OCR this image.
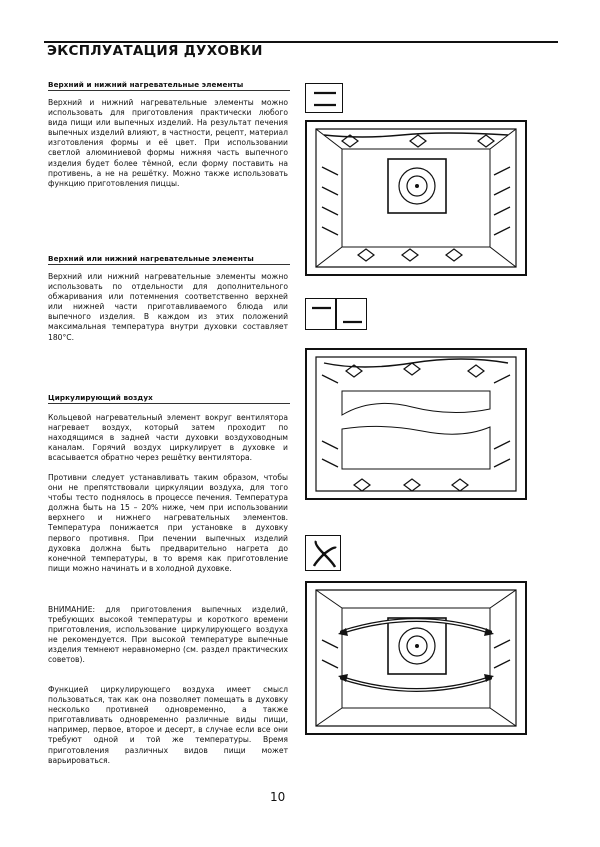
ЭКСПЛУАТАЦИЯ ДУХОВКИ
Верхний и нижний нагревательные элементы

Верхний и нижний нагревательные элементы можно использовать для приготовления практически любого вида пищи или выпечных изделий. На результат печения выпечных изделий влияют, в частности, рецепт, материал изготовления формы и её цвет. При использовании светлой алюминиевой формы нижняя часть выпечного изделия будет более тёмной, если форму поставить на противень, а не на решётку. Можно также использовать функцию приготовления пиццы.

Верхний или нижний нагревательные элементы

Верхний или нижний нагревательные элементы можно использовать по отдельности для дополнительного обжаривания или потемнения соответственно верхней или нижней части приготавливаемого блюда или выпечного изделия. В каждом из этих положений максимальная температура внутри духовки составляет 180°С.

Циркулирующий воздух

Кольцевой нагревательный элемент вокруг вентилятора нагревает воздух, который затем проходит по находящимся в задней части духовки воздуховодным каналам. Горячий воздух циркулирует в духовке и всасывается обратно через решётку вентилятора.

Противни следует устанавливать таким образом, чтобы они не препятствовали циркуляции воздуха, для того чтобы тесто поднялось в процессе печения. Температура должна быть на 15 – 20% ниже, чем при использовании верхнего и нижнего нагревательных элементов. Температура понижается при установке в духовку первого противня. При печении выпечных изделий духовка должна быть предварительно нагрета до конечной температуры, в то время как приготовление пищи можно начинать и в холодной духовке.

ВНИМАНИЕ: для приготовления выпечных изделий, требующих высокой температуры и короткого времени приготовления, использование циркулирующего воздуха не рекомендуется. При высокой температуре выпечные изделия темнеют неравномерно (см. раздел практических советов).

Функцией циркулирующего воздуха имеет смысл пользоваться, так как она позволяет помещать в духовку несколько противней одновременно, а также приготавливать одновременно различные виды пищи, например, первое, второе и десерт, в случае если все они требуют одной и той же температуры. Время приготовления различных видов пищи может варьироваться.

10
